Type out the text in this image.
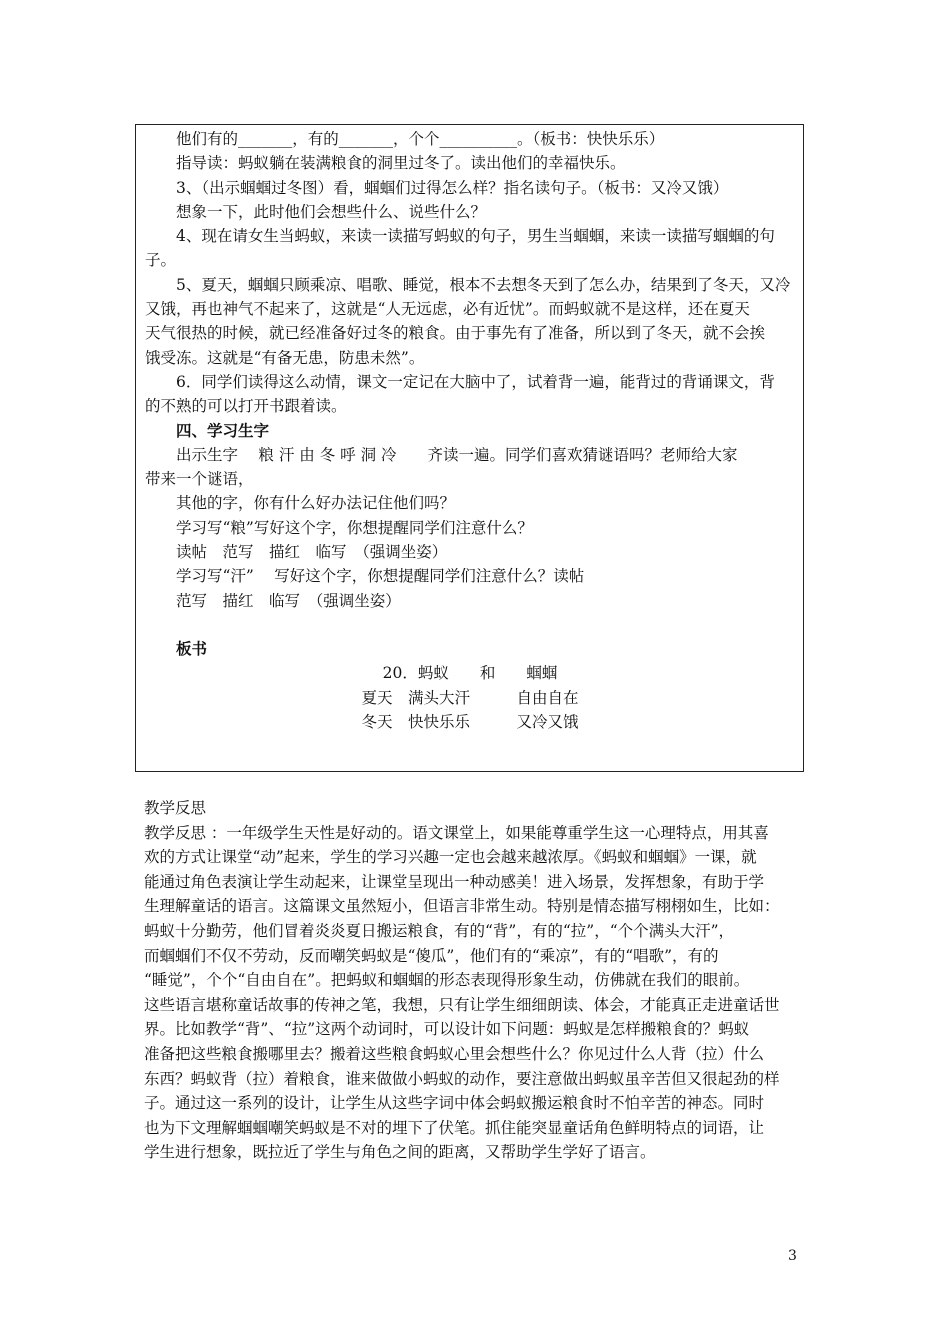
他们有的_______，有的_______，个个__________。（板书：快快乐乐）

指导读：蚂蚁躺在装满粮食的洞里过冬了。读出他们的幸福快乐。

3、（出示蝈蝈过冬图）看，蝈蝈们过得怎么样？指名读句子。（板书：又冷又饿）

想象一下，此时他们会想些什么、说些什么？

4、现在请女生当蚂蚁，来读一读描写蚂蚁的句子，男生当蝈蝈，来读一读描写蝈蝈的句

子。

5、夏天，蝈蝈只顾乘凉、唱歌、睡觉，根本不去想冬天到了怎么办，结果到了冬天，又冷

又饿，再也神气不起来了，这就是“人无远虑，必有近忧”。而蚂蚁就不是这样，还在夏天

天气很热的时候，就已经准备好过冬的粮食。由于事先有了准备，所以到了冬天，就不会挨

饿受冻。这就是“有备无患，防患未然”。

6．同学们读得这么动情，课文一定记在大脑中了，试着背一遍，能背过的背诵课文，背

的不熟的可以打开书跟着读。

四、学习生字

出示生字　 粮 汗 由 冬 呼 洞 冷　　齐读一遍。同学们喜欢猜谜语吗？老师给大家

带来一个谜语，

其他的字，你有什么好办法记住他们吗？

学习写“粮”写好这个字，你想提醒同学们注意什么？

读帖　范写　描红　临写　（强调坐姿）

学习写“汗”　 写好这个字，你想提醒同学们注意什么？读帖

范写　描红　临写　（强调坐姿）

板书

20．蚂蚁　　和　　蝈蝈

夏天　满头大汗　　　自由自在

冬天　快快乐乐　　　又冷又饿

教学反思

教学反思 ：一年级学生天性是好动的。语文课堂上，如果能尊重学生这一心理特点，用其喜

欢的方式让课堂“动”起来，学生的学习兴趣一定也会越来越浓厚。《蚂蚁和蝈蝈》一课，就

能通过角色表演让学生动起来，让课堂呈现出一种动感美！进入场景，发挥想象，有助于学

生理解童话的语言。这篇课文虽然短小，但语言非常生动。特别是情态描写栩栩如生，比如：

蚂蚁十分勤劳，他们冒着炎炎夏日搬运粮食，有的“背”，有的“拉”，“个个满头大汗”，

而蝈蝈们不仅不劳动，反而嘲笑蚂蚁是“傻瓜”，他们有的“乘凉”，有的“唱歌”，有的

“睡觉”，个个“自由自在”。把蚂蚁和蝈蝈的形态表现得形象生动，仿佛就在我们的眼前。

这些语言堪称童话故事的传神之笔，我想，只有让学生细细朗读、体会，才能真正走进童话世

界。比如教学“背”、“拉”这两个动词时，可以设计如下问题：蚂蚁是怎样搬粮食的？蚂蚁

准备把这些粮食搬哪里去？搬着这些粮食蚂蚁心里会想些什么？你见过什么人背（拉）什么

东西？蚂蚁背（拉）着粮食，谁来做做小蚂蚁的动作，要注意做出蚂蚁虽辛苦但又很起劲的样

子。通过这一系列的设计，让学生从这些字词中体会蚂蚁搬运粮食时不怕辛苦的神态。同时

也为下文理解蝈蝈嘲笑蚂蚁是不对的埋下了伏笔。抓住能突显童话角色鲜明特点的词语，让

学生进行想象，既拉近了学生与角色之间的距离，又帮助学生学好了语言。

3
